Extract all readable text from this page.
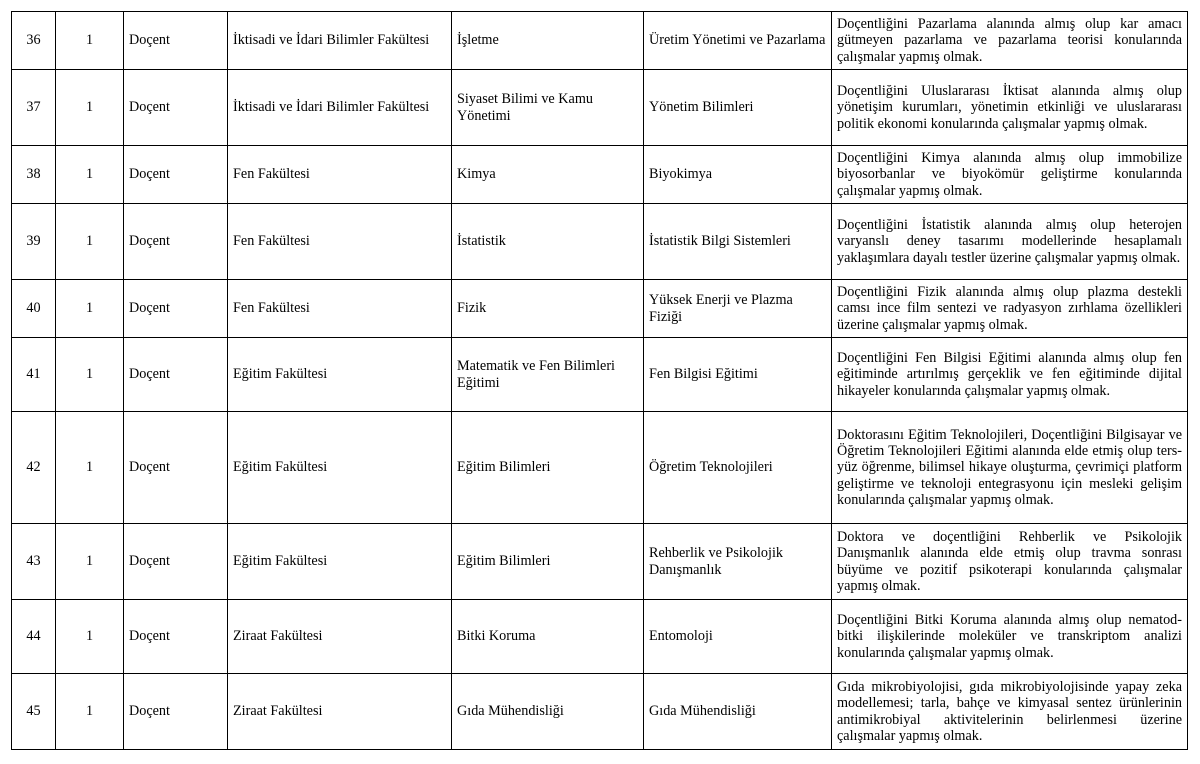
36	1	Doçent	İktisadi ve İdari Bilimler Fakültesi	İşletme	Üretim Yönetimi ve Pazarlama	Doçentliğini Pazarlama alanında almış olup kar amacı gütmeyen pazarlama ve pazarlama teorisi konularında çalışmalar yapmış olmak.
37	1	Doçent	İktisadi ve İdari Bilimler Fakültesi	Siyaset Bilimi ve Kamu Yönetimi	Yönetim Bilimleri	Doçentliğini Uluslararası İktisat alanında almış olup yönetişim kurumları, yönetimin etkinliği ve uluslararası politik ekonomi konularında çalışmalar yapmış olmak.
38	1	Doçent	Fen Fakültesi	Kimya	Biyokimya	Doçentliğini Kimya alanında almış olup immobilize biyosorbanlar ve biyokömür geliştirme konularında çalışmalar yapmış olmak.
39	1	Doçent	Fen Fakültesi	İstatistik	İstatistik Bilgi Sistemleri	Doçentliğini İstatistik alanında almış olup heterojen varyanslı deney tasarımı modellerinde hesaplamalı yaklaşımlara dayalı testler üzerine çalışmalar yapmış olmak.
40	1	Doçent	Fen Fakültesi	Fizik	Yüksek Enerji ve Plazma Fiziği	Doçentliğini Fizik alanında almış olup plazma destekli camsı ince film sentezi ve radyasyon zırhlama özellikleri üzerine çalışmalar yapmış olmak.
41	1	Doçent	Eğitim Fakültesi	Matematik ve Fen Bilimleri Eğitimi	Fen Bilgisi Eğitimi	Doçentliğini Fen Bilgisi Eğitimi alanında almış olup fen eğitiminde artırılmış gerçeklik ve fen eğitiminde dijital hikayeler konularında çalışmalar yapmış olmak.
42	1	Doçent	Eğitim Fakültesi	Eğitim Bilimleri	Öğretim Teknolojileri	Doktorasını Eğitim Teknolojileri, Doçentliğini Bilgisayar ve Öğretim Teknolojileri Eğitimi alanında elde etmiş olup ters-yüz öğrenme, bilimsel hikaye oluşturma, çevrimiçi platform geliştirme ve teknoloji entegrasyonu için mesleki gelişim konularında çalışmalar yapmış olmak.
43	1	Doçent	Eğitim Fakültesi	Eğitim Bilimleri	Rehberlik ve Psikolojik Danışmanlık	Doktora ve doçentliğini Rehberlik ve Psikolojik Danışmanlık alanında elde etmiş olup travma sonrası büyüme ve pozitif psikoterapi konularında çalışmalar yapmış olmak.
44	1	Doçent	Ziraat Fakültesi	Bitki Koruma	Entomoloji	Doçentliğini Bitki Koruma alanında almış olup nematod-bitki ilişkilerinde moleküler ve transkriptom analizi konularında çalışmalar yapmış olmak.
45	1	Doçent	Ziraat Fakültesi	Gıda Mühendisliği	Gıda Mühendisliği	Gıda mikrobiyolojisi, gıda mikrobiyolojisinde yapay zeka modellemesi; tarla, bahçe ve kimyasal sentez ürünlerinin antimikrobiyal aktivitelerinin belirlenmesi üzerine çalışmalar yapmış olmak.
